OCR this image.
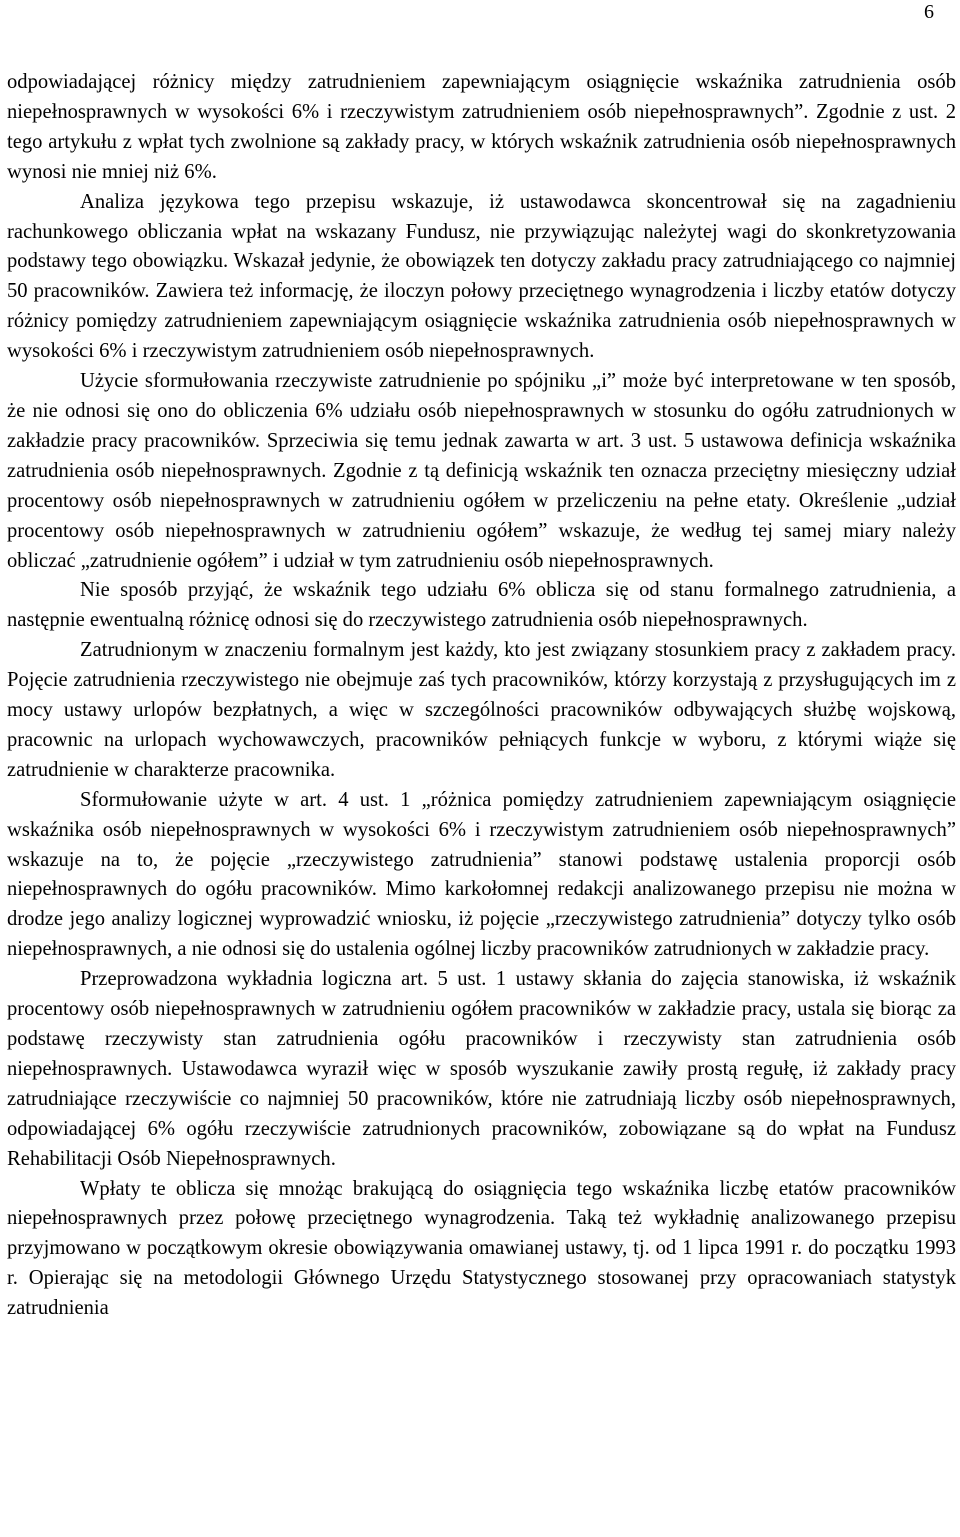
6

odpowiadającej różnicy między zatrudnieniem zapewniającym osiągnięcie wskaźnika zatrudnienia osób niepełnosprawnych w wysokości 6% i rzeczywistym zatrudnieniem osób niepełnosprawnych”. Zgodnie z ust. 2 tego artykułu z wpłat tych zwolnione są zakłady pracy, w których wskaźnik zatrudnienia osób niepełnosprawnych wynosi nie mniej niż 6%.

Analiza językowa tego przepisu wskazuje, iż ustawodawca skoncentrował się na zagadnieniu rachunkowego obliczania wpłat na wskazany Fundusz, nie przywiązując należytej wagi do skonkretyzowania podstawy tego obowiązku. Wskazał jedynie, że obowiązek ten dotyczy zakładu pracy zatrudniającego co najmniej 50 pracowników. Zawiera też informację, że iloczyn połowy przeciętnego wynagrodzenia i liczby etatów dotyczy różnicy pomiędzy zatrudnieniem zapewniającym osiągnięcie wskaźnika zatrudnienia osób niepełnosprawnych w wysokości 6% i rzeczywistym zatrudnieniem osób niepełnosprawnych.

Użycie sformułowania rzeczywiste zatrudnienie po spójniku „i” może być interpretowane w ten sposób, że nie odnosi się ono do obliczenia 6% udziału osób niepełnosprawnych w stosunku do ogółu zatrudnionych w zakładzie pracy pracowników. Sprzeciwia się temu jednak zawarta w art. 3 ust. 5 ustawowa definicja wskaźnika zatrudnienia osób niepełnosprawnych. Zgodnie z tą definicją wskaźnik ten oznacza przeciętny miesięczny udział procentowy osób niepełnosprawnych w zatrudnieniu ogółem w przeliczeniu na pełne etaty. Określenie „udział procentowy osób niepełnosprawnych w zatrudnieniu ogółem” wskazuje, że według tej samej miary należy obliczać „zatrudnienie ogółem” i udział w tym zatrudnieniu osób niepełnosprawnych.

Nie sposób przyjąć, że wskaźnik tego udziału 6% oblicza się od stanu formalnego zatrudnienia, a następnie ewentualną różnicę odnosi się do rzeczywistego zatrudnienia osób niepełnosprawnych.

Zatrudnionym w znaczeniu formalnym jest każdy, kto jest związany stosunkiem pracy z zakładem pracy. Pojęcie zatrudnienia rzeczywistego nie obejmuje zaś tych pracowników, którzy korzystają z przysługujących im z mocy ustawy urlopów bezpłatnych, a więc w szczególności pracowników odbywających służbę wojskową, pracownic na urlopach wychowawczych, pracowników pełniących funkcje w wyboru, z którymi wiąże się zatrudnienie w charakterze pracownika.

Sformułowanie użyte w art. 4 ust. 1 „różnica pomiędzy zatrudnieniem zapewniającym osiągnięcie wskaźnika osób niepełnosprawnych w wysokości 6% i rzeczywistym zatrudnieniem osób niepełnosprawnych” wskazuje na to, że pojęcie „rzeczywistego zatrudnienia” stanowi podstawę ustalenia proporcji osób niepełnosprawnych do ogółu pracowników. Mimo karkołomnej redakcji analizowanego przepisu nie można w drodze jego analizy logicznej wyprowadzić wniosku, iż pojęcie „rzeczywistego zatrudnienia” dotyczy tylko osób niepełnosprawnych, a nie odnosi się do ustalenia ogólnej liczby pracowników zatrudnionych w zakładzie pracy.

Przeprowadzona wykładnia logiczna art. 5 ust. 1 ustawy skłania do zajęcia stanowiska, iż wskaźnik procentowy osób niepełnosprawnych w zatrudnieniu ogółem pracowników w zakładzie pracy, ustala się biorąc za podstawę rzeczywisty stan zatrudnienia ogółu pracowników i rzeczywisty stan zatrudnienia osób niepełnosprawnych. Ustawodawca wyraził więc w sposób wyszukanie zawiły prostą regułę, iż zakłady pracy zatrudniające rzeczywiście co najmniej 50 pracowników, które nie zatrudniają liczby osób niepełnosprawnych, odpowiadającej 6% ogółu rzeczywiście zatrudnionych pracowników, zobowiązane są do wpłat na Fundusz Rehabilitacji Osób Niepełnosprawnych.

Wpłaty te oblicza się mnożąc brakującą do osiągnięcia tego wskaźnika liczbę etatów pracowników niepełnosprawnych przez połowę przeciętnego wynagrodzenia. Taką też wykładnię analizowanego przepisu przyjmowano w początkowym okresie obowiązywania omawianej ustawy, tj. od 1 lipca 1991 r. do początku 1993 r. Opierając się na metodologii Głównego Urzędu Statystycznego stosowanej przy opracowaniach statystyk zatrudnienia
